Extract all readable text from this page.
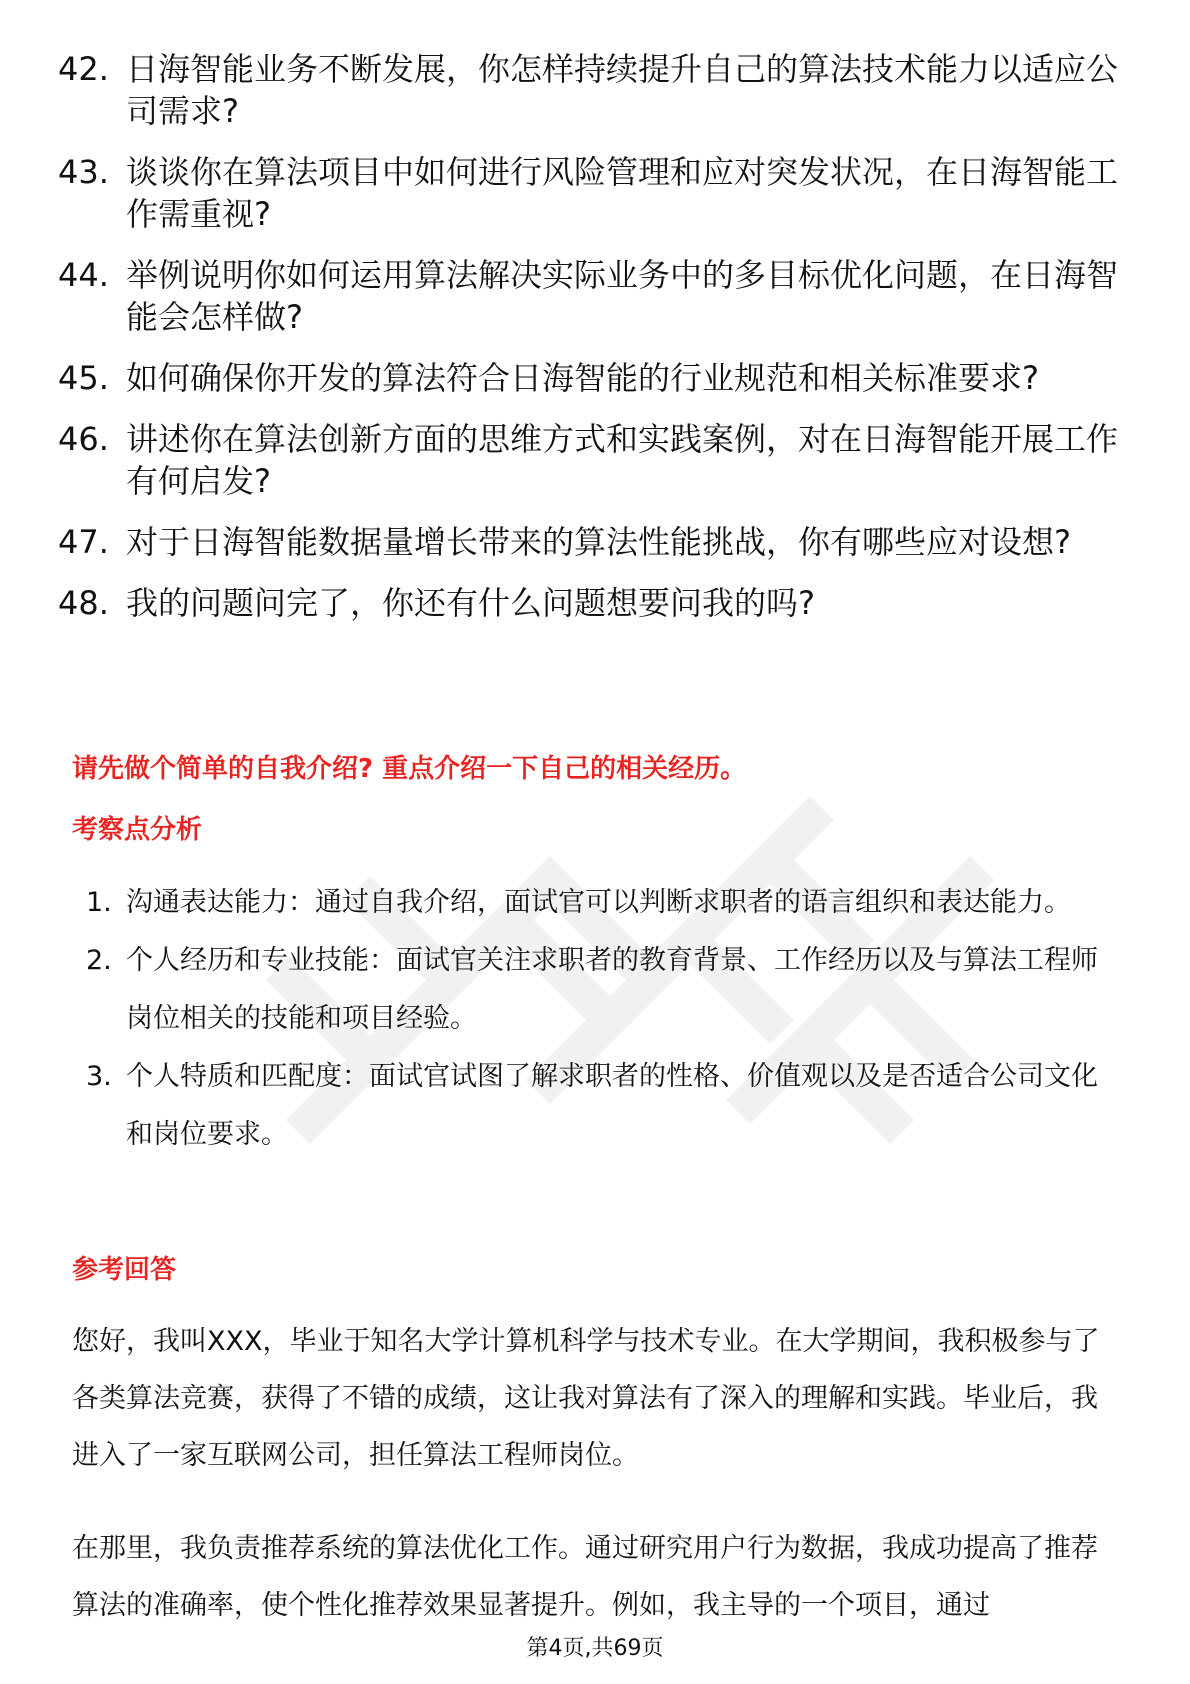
42. 日海智能业务不断发展，你怎样持续提升自己的算法技术能力以适应公司需求?
43. 谈谈你在算法项目中如何进行风险管理和应对突发状况，在日海智能工作需重视?
44. 举例说明你如何运用算法解决实际业务中的多目标优化问题，在日海智能会怎样做?
45. 如何确保你开发的算法符合日海智能的行业规范和相关标准要求?
46. 讲述你在算法创新方面的思维方式和实践案例，对在日海智能开展工作有何启发?
47. 对于日海智能数据量增长带来的算法性能挑战，你有哪些应对设想?
48. 我的问题问完了，你还有什么问题想要问我的吗?
请先做个简单的自我介绍? 重点介绍一下自己的相关经历。
考察点分析
1. 沟通表达能力：通过自我介绍，面试官可以判断求职者的语言组织和表达能力。
2. 个人经历和专业技能：面试官关注求职者的教育背景、工作经历以及与算法工程师岗位相关的技能和项目经验。
3. 个人特质和匹配度：面试官试图了解求职者的性格、价值观以及是否适合公司文化和岗位要求。
参考回答
您好，我叫XXX，毕业于知名大学计算机科学与技术专业。在大学期间，我积极参与了各类算法竞赛，获得了不错的成绩，这让我对算法有了深入的理解和实践。毕业后，我进入了一家互联网公司，担任算法工程师岗位。
在那里，我负责推荐系统的算法优化工作。通过研究用户行为数据，我成功提高了推荐算法的准确率，使个性化推荐效果显著提升。例如，我主导的一个项目，通过
第4页,共69页
